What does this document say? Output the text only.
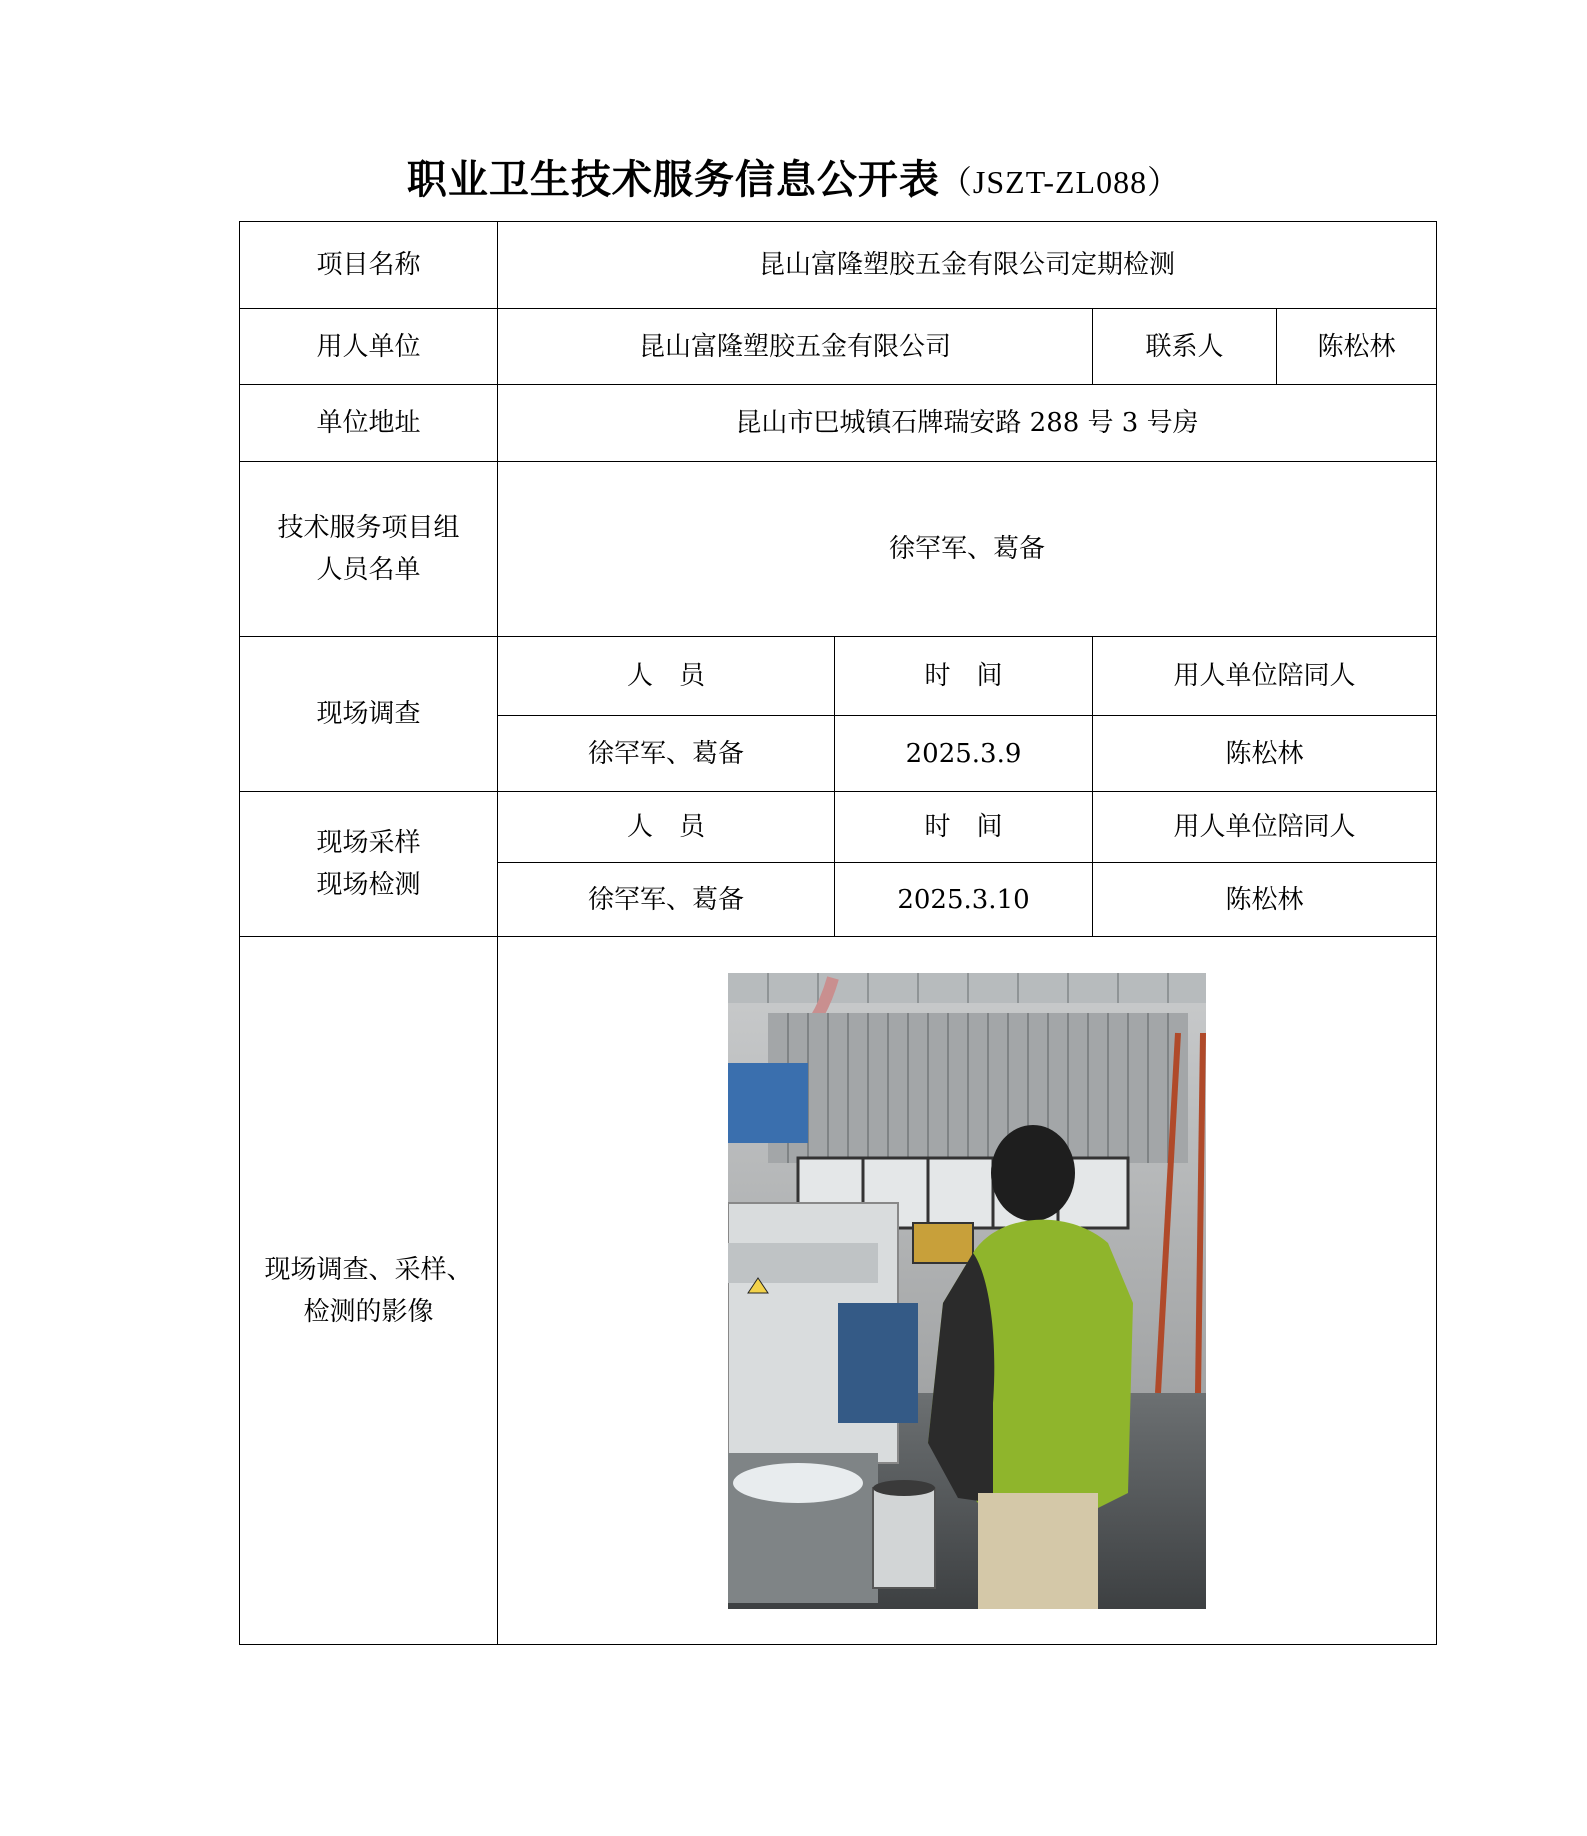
职业卫生技术服务信息公开表（JSZT-ZL088）
项目名称	昆山富隆塑胶五金有限公司定期检测			
用人单位	昆山富隆塑胶五金有限公司		联系人	陈松林
单位地址	昆山市巴城镇石牌瑞安路 288 号 3 号房			

技术服务项目组
人员名单	徐罕军、葛备			
现场调查	人　员	时　间	用人单位陪同人	
	徐罕军、葛备	2025.3.9	陈松林	

现场采样
现场检测	人　员	时　间	用人单位陪同人	
	徐罕军、葛备	2025.3.10	陈松林	

现场调查、采样、
检测的影像
